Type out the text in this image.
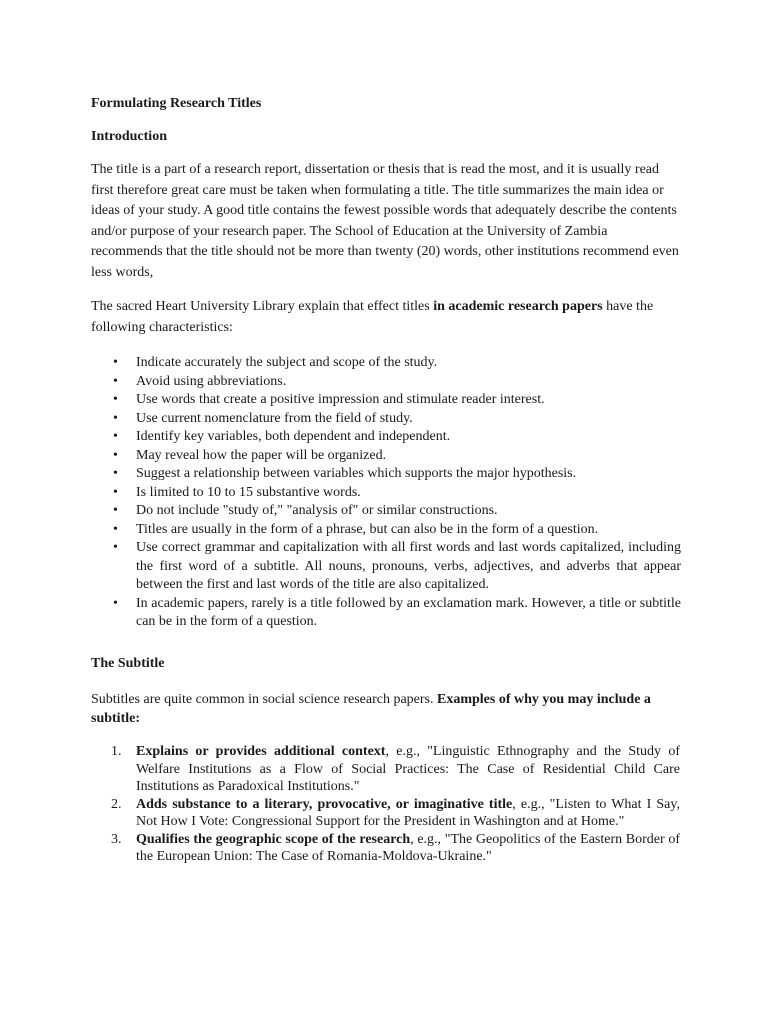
Formulating Research Titles
Introduction

The title is a part of a research report, dissertation or thesis that is read the most, and it is usually read first therefore great care must be taken when formulating a title. The title summarizes the main idea or ideas of your study. A good title contains the fewest possible words that adequately describe the contents and/or purpose of your research paper. The School of Education at the University of Zambia recommends that the title should not be more than twenty (20) words, other institutions recommend even less words,

The sacred Heart University Library explain that effect titles in academic research papers have the following characteristics:

•	Indicate accurately the subject and scope of the study.
•	Avoid using abbreviations.
•	Use words that create a positive impression and stimulate reader interest.
•	Use current nomenclature from the field of study.
•	Identify key variables, both dependent and independent.
•	May reveal how the paper will be organized.
•	Suggest a relationship between variables which supports the major hypothesis.
•	Is limited to 10 to 15 substantive words.
•	Do not include "study of," "analysis of" or similar constructions.
•	Titles are usually in the form of a phrase, but can also be in the form of a question.
•	Use correct grammar and capitalization with all first words and last words capitalized, including the first word of a subtitle. All nouns, pronouns, verbs, adjectives, and adverbs that appear between the first and last words of the title are also capitalized.
•	In academic papers, rarely is a title followed by an exclamation mark. However, a title or subtitle can be in the form of a question.
The Subtitle

Subtitles are quite common in social science research papers. Examples of why you may include a subtitle:

1. Explains or provides additional context, e.g., "Linguistic Ethnography and the Study of Welfare Institutions as a Flow of Social Practices: The Case of Residential Child Care Institutions as Paradoxical Institutions."
2. Adds substance to a literary, provocative, or imaginative title, e.g., "Listen to What I Say, Not How I Vote: Congressional Support for the President in Washington and at Home."
3. Qualifies the geographic scope of the research, e.g., "The Geopolitics of the Eastern Border of the European Union: The Case of Romania-Moldova-Ukraine."
